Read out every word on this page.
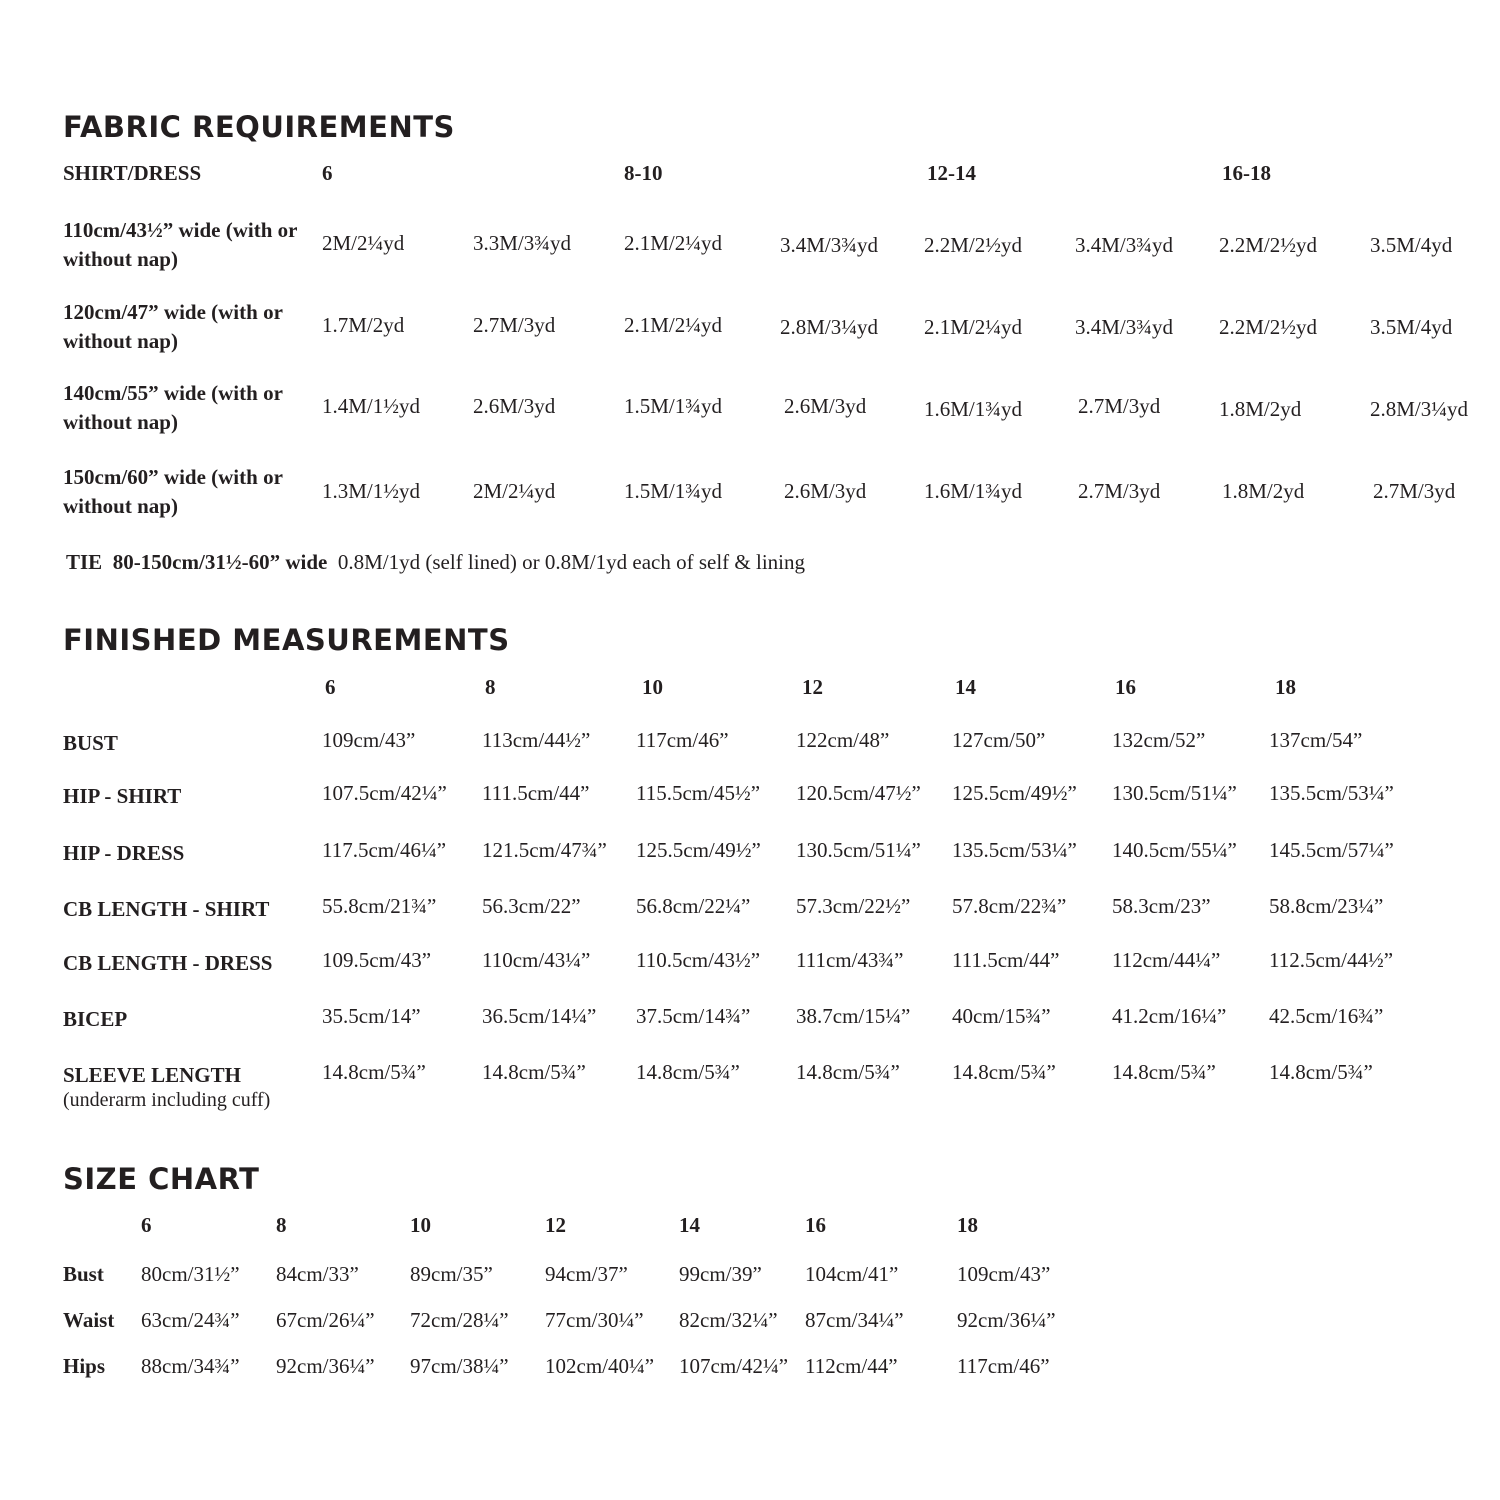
FABRIC REQUIREMENTS
SHIRT/DRESS	6	8-10	12-14	16-18
110cm/43½” wide (with or without nap)
2M/2¼yd	3.3M/3¾yd	2.1M/2¼yd	3.4M/3¾yd 2.2M/2½yd	3.4M/3¾yd 2.2M/2½yd	3.5M/4yd
120cm/47” wide (with or without nap)
1.7M/2yd	2.7M/3yd	2.1M/2¼yd	2.8M/3¼yd 2.1M/2¼yd	3.4M/3¾yd 2.2M/2½yd	3.5M/4yd
140cm/55” wide (with or without nap)
1.4M/1½yd	2.6M/3yd	1.5M/1¾yd	2.6M/3yd	1.6M/1¾yd	2.7M/3yd	1.8M/2yd	2.8M/3¼yd
150cm/60” wide (with or without nap)
1.3M/1½yd	2M/2¼yd	1.5M/1¾yd	2.6M/3yd	1.6M/1¾yd	2.7M/3yd	1.8M/2yd	2.7M/3yd
TIE 80-150cm/31½-60” wide 0.8M/1yd (self lined) or 0.8M/1yd each of self & lining
FINISHED MEASUREMENTS
6	8	10	12	14	16	18
BUST	109cm/43”	113cm/44½” 117cm/46”	122cm/48”	127cm/50”	132cm/52”	137cm/54”
HIP - SHIRT	107.5cm/42¼” 111.5cm/44” 115.5cm/45½” 120.5cm/47½” 125.5cm/49½” 130.5cm/51¼” 135.5cm/53¼”
HIP - DRESS	117.5cm/46¼” 121.5cm/47¾” 125.5cm/49½” 130.5cm/51¼” 135.5cm/53¼” 140.5cm/55¼” 145.5cm/57¼”
CB LENGTH - SHIRT	55.8cm/21¾” 56.3cm/22”	56.8cm/22¼” 57.3cm/22½” 57.8cm/22¾” 58.3cm/23”	58.8cm/23¼”
CB LENGTH - DRESS 109.5cm/43” 110cm/43¼” 110.5cm/43½” 111cm/43¾” 111.5cm/44” 112cm/44¼” 112.5cm/44½”
BICEP	35.5cm/14”	36.5cm/14¼” 37.5cm/14¾” 38.7cm/15¼” 40cm/15¾”	41.2cm/16¼” 42.5cm/16¾”
SLEEVE LENGTH
(underarm including cuff)
14.8cm/5¾”	14.8cm/5¾” 14.8cm/5¾”	14.8cm/5¾” 14.8cm/5¾”	14.8cm/5¾”	14.8cm/5¾”
SIZE CHART
6	8	10	12	14	16	18
Bust 80cm/31½” 84cm/33” 89cm/35” 94cm/37” 99cm/39” 104cm/41”	109cm/43”
Waist 63cm/24¾” 67cm/26¼” 72cm/28¼” 77cm/30¼” 82cm/32¼” 87cm/34¼”	92cm/36¼”
Hips 88cm/34¾” 92cm/36¼” 97cm/38¼” 102cm/40¼” 107cm/42¼” 112cm/44”	117cm/46”
